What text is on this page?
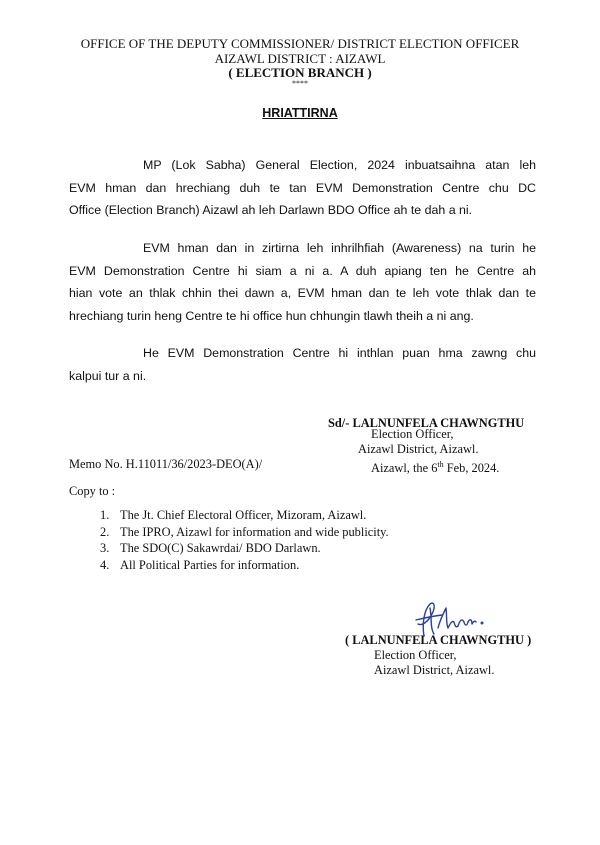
OFFICE OF THE DEPUTY COMMISSIONER/ DISTRICT ELECTION OFFICER
AIZAWL DISTRICT : AIZAWL
( ELECTION BRANCH )
****
HRIATTIRNA
MP (Lok Sabha) General Election, 2024 inbuatsaihna atan leh
EVM hman dan hrechiang duh te tan EVM Demonstration Centre chu DC
Office (Election Branch) Aizawl ah leh Darlawn BDO Office ah te dah a ni.
EVM hman dan in zirtirna leh inhrilhfiah (Awareness) na turin he
EVM Demonstration Centre hi siam a ni a. A duh apiang ten he Centre ah
hian vote an thlak chhin thei dawn a, EVM hman dan te leh vote thlak dan te
hrechiang turin heng Centre te hi office hun chhungin tlawh theih a ni ang.
He EVM Demonstration Centre hi inthlan puan hma zawng chu
kalpui tur a ni.
Sd/- LALNUNFELA CHAWNGTHU
Election Officer,
Aizawl District, Aizawl.
Aizawl, the 6th Feb, 2024.
Memo No. H.11011/36/2023-DEO(A)/
Copy to :
1. The Jt. Chief Electoral Officer, Mizoram, Aizawl.
2. The IPRO, Aizawl for information and wide publicity.
3. The SDO(C) Sakawrdai/ BDO Darlawn.
4. All Political Parties for information.
( LALNUNFELA CHAWNGTHU )
Election Officer,
Aizawl District, Aizawl.
